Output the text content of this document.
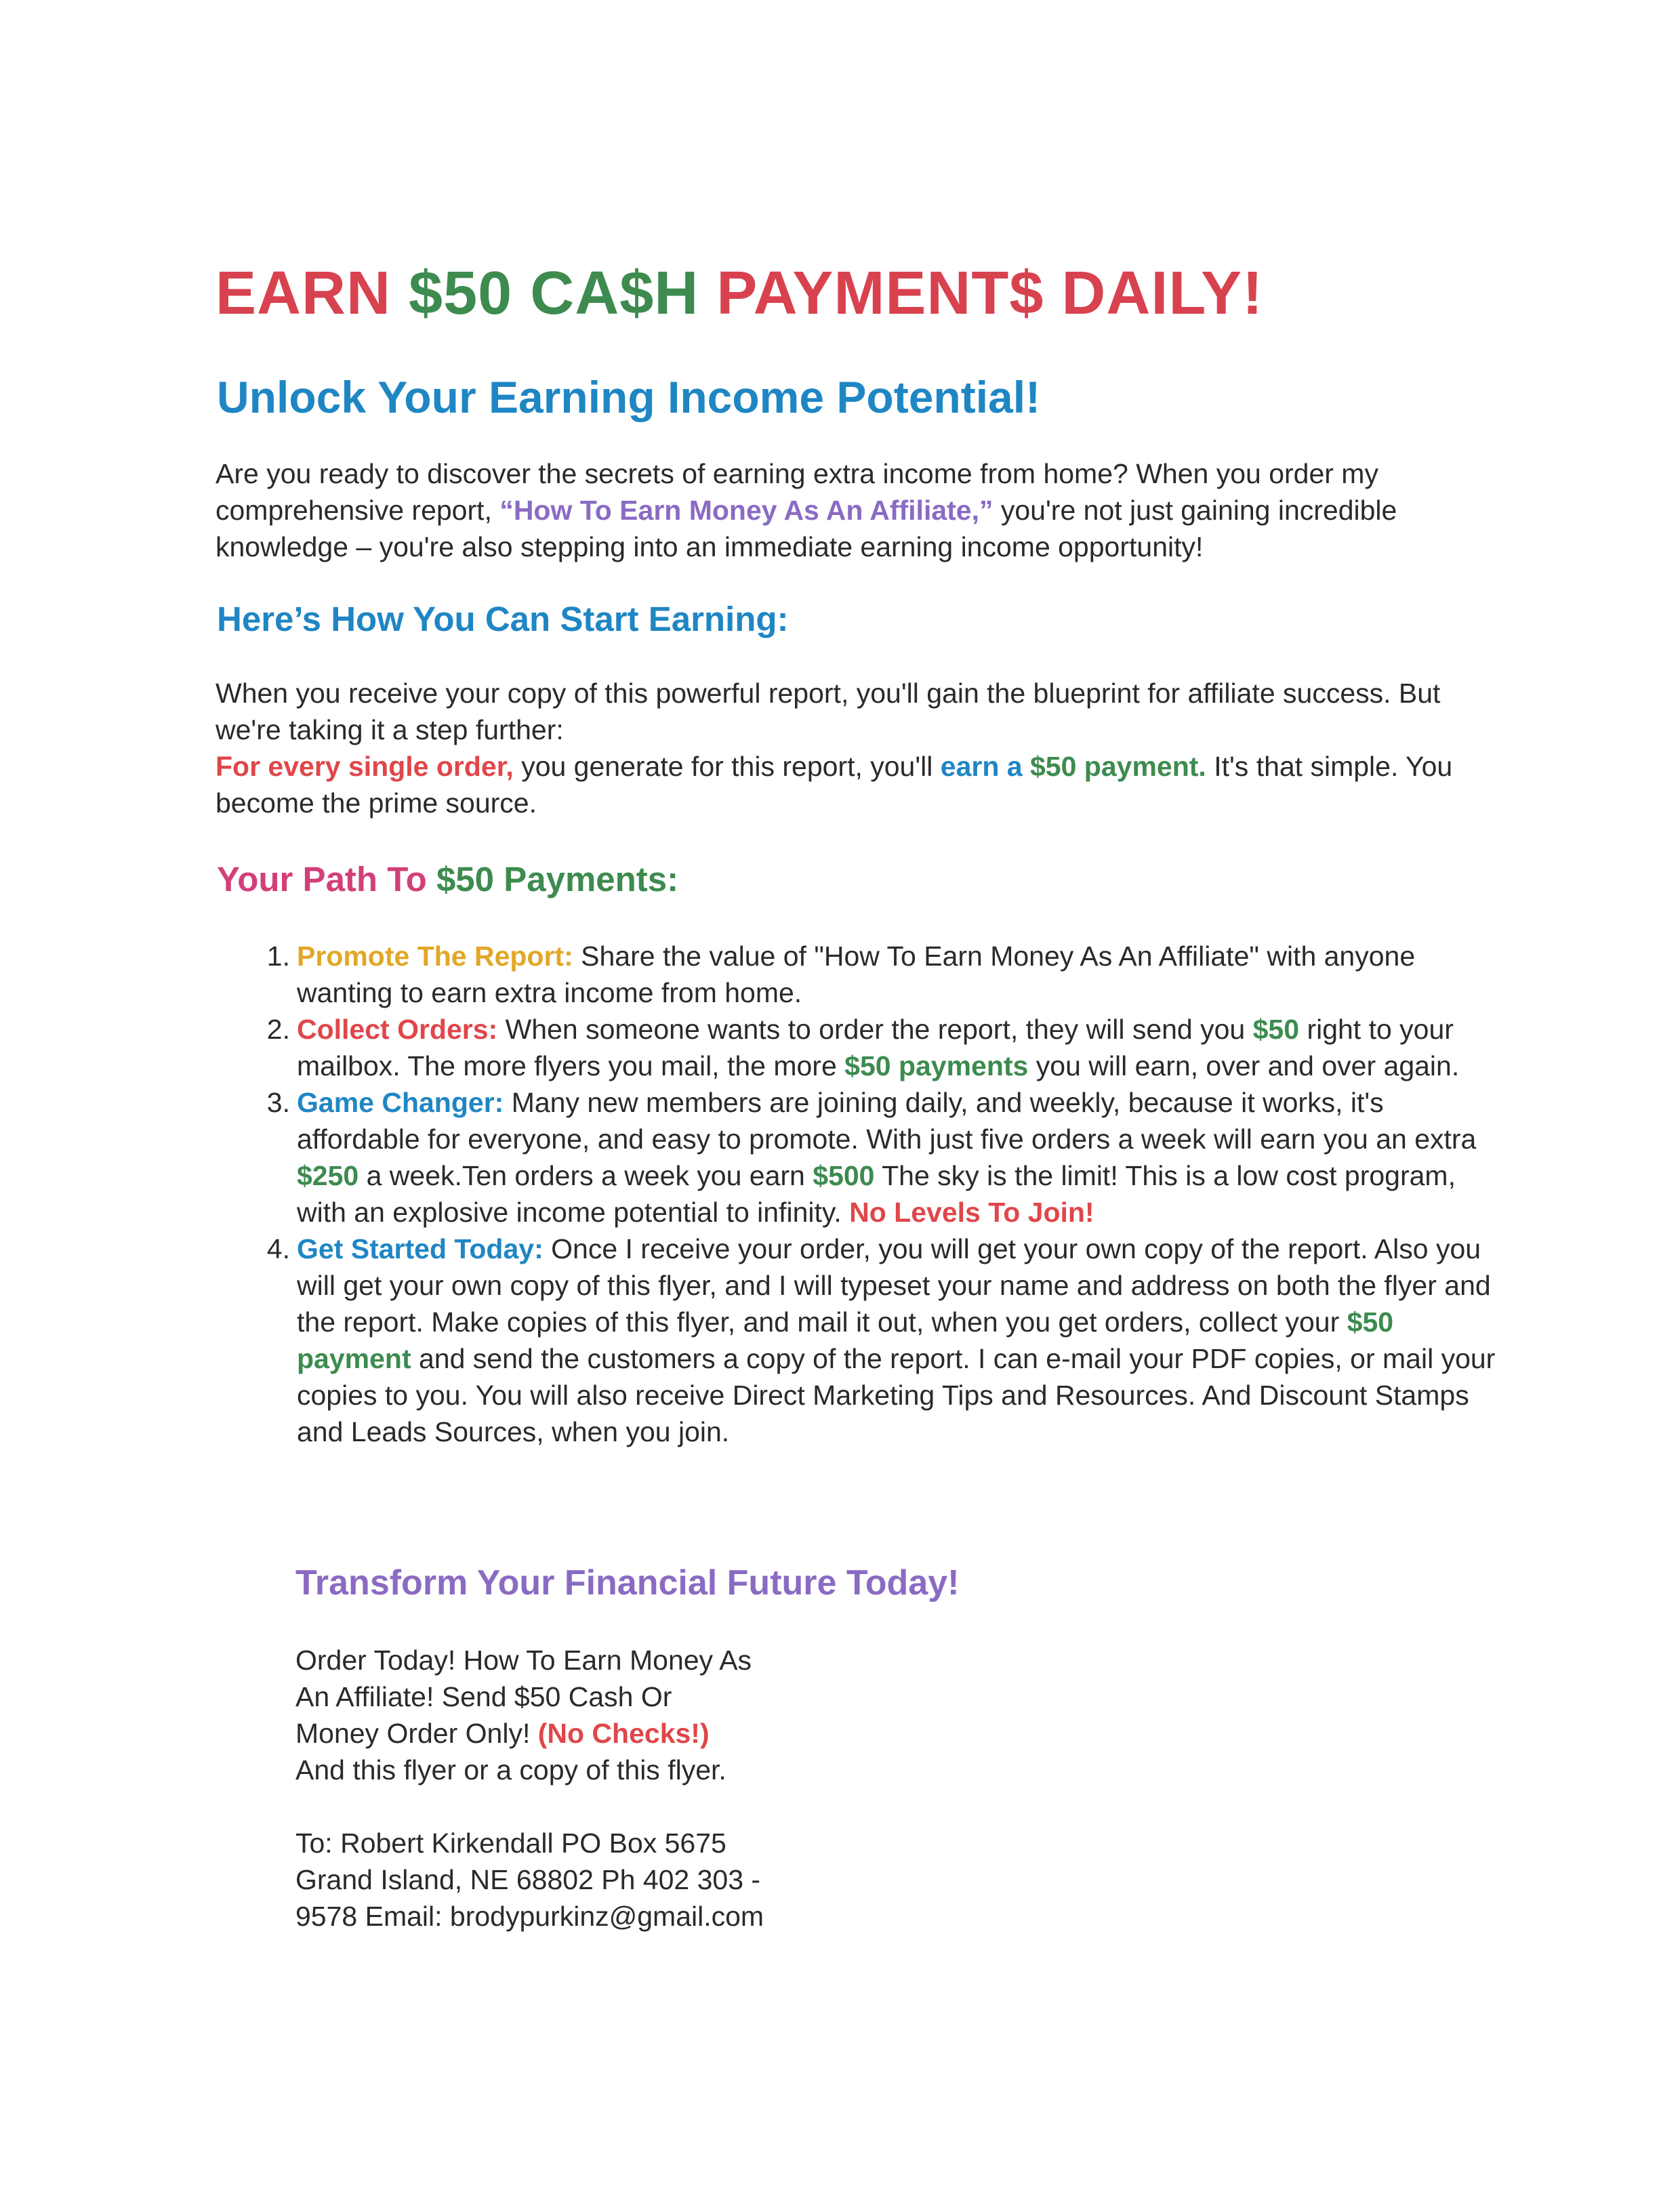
EARN $50 CA$H PAYMENT$ DAILY!
Unlock Your Earning Income Potential!

Are you ready to discover the secrets of earning extra income from home? When you order my comprehensive report, “How To Earn Money As An Affiliate,” you're not just gaining incredible knowledge – you're also stepping into an immediate earning income opportunity!

Here’s How You Can Start Earning:
When you receive your copy of this powerful report, you'll gain the blueprint for affiliate success. But we're taking it a step further:
For every single order, you generate for this report, you'll earn a $50 payment. It's that simple. You become the prime source.
Your Path To $50 Payments:
1. Promote The Report: Share the value of "How To Earn Money As An Affiliate" with anyone wanting to earn extra income from home.
2. Collect Orders: When someone wants to order the report, they will send you $50 right to your mailbox. The more flyers you mail, the more $50 payments you will earn, over and over again.
3. Game Changer: Many new members are joining daily, and weekly, because it works, it's affordable for everyone, and easy to promote. With just five orders a week will earn you an extra $250 a week.Ten orders a week you earn $500 The sky is the limit! This is a low cost program, with an explosive income potential to infinity. No Levels To Join!
4. Get Started Today: Once I receive your order, you will get your own copy of the report. Also you will get your own copy of this flyer, and I will typeset your name and address on both the flyer and the report. Make copies of this flyer, and mail it out, when you get orders, collect your $50 payment and send the customers a copy of the report. I can e-mail your PDF copies, or mail your copies to you. You will also receive Direct Marketing Tips and Resources. And Discount Stamps and Leads Sources, when you join.
Transform Your Financial Future Today!
Order Today! How To Earn Money As
An Affiliate! Send $50 Cash Or
Money Order Only! (No Checks!)
And this flyer or a copy of this flyer.
To: Robert Kirkendall PO Box 5675
Grand Island, NE 68802 Ph 402 303 -
9578 Email: brodypurkinz@gmail.com
